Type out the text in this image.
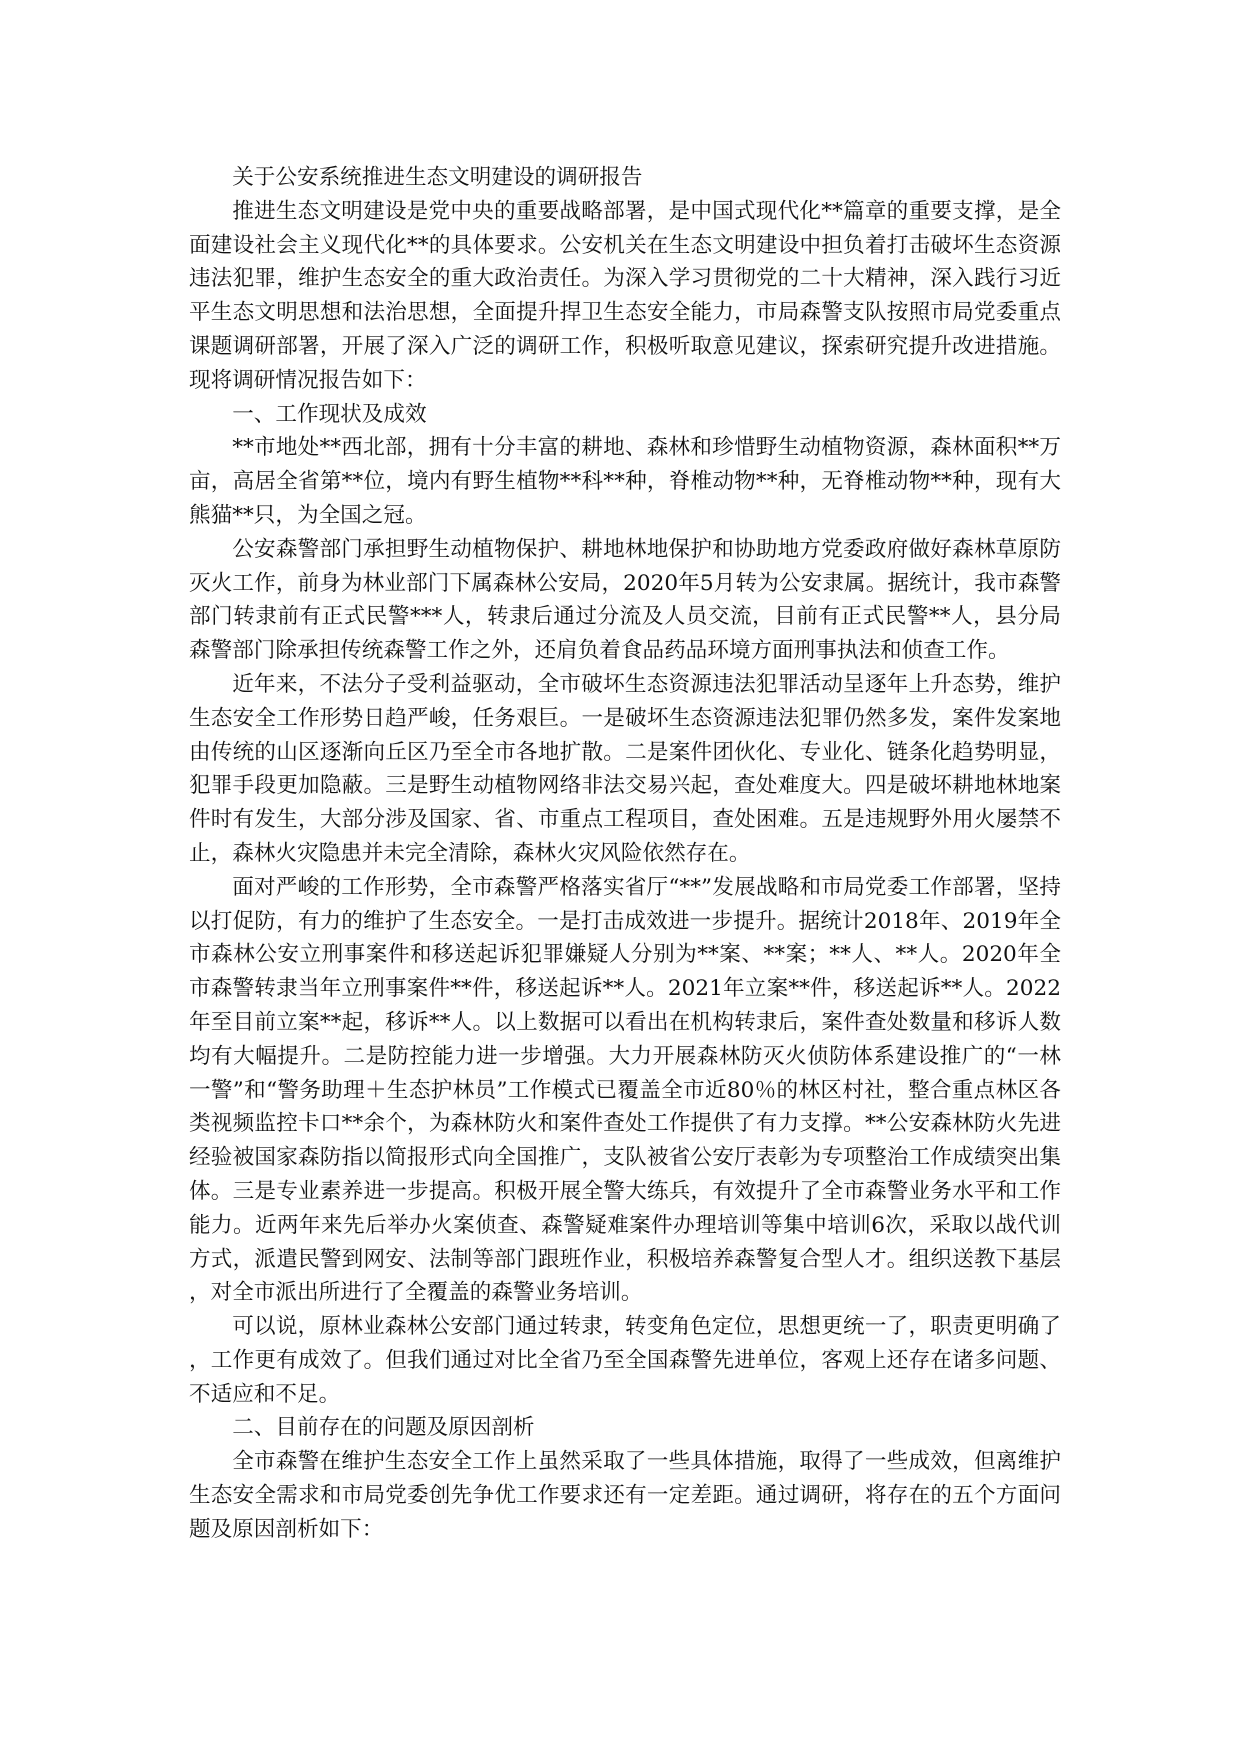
关于公安系统推进生态文明建设的调研报告

推进生态文明建设是党中央的重要战略部署，是中国式现代化**篇章的重要支撑，是全面建设社会主义现代化**的具体要求。公安机关在生态文明建设中担负着打击破坏生态资源违法犯罪，维护生态安全的重大政治责任。为深入学习贯彻党的二十大精神，深入践行习近平生态文明思想和法治思想，全面提升捍卫生态安全能力，市局森警支队按照市局党委重点课题调研部署，开展了深入广泛的调研工作，积极听取意见建议，探索研究提升改进措施。现将调研情况报告如下：

一、工作现状及成效

**市地处**西北部，拥有十分丰富的耕地、森林和珍惜野生动植物资源，森林面积**万亩，高居全省第**位，境内有野生植物**科**种，脊椎动物**种，无脊椎动物**种，现有大熊猫**只，为全国之冠。

公安森警部门承担野生动植物保护、耕地林地保护和协助地方党委政府做好森林草原防灭火工作，前身为林业部门下属森林公安局，2020年5月转为公安隶属。据统计，我市森警部门转隶前有正式民警***人，转隶后通过分流及人员交流，目前有正式民警**人，县分局森警部门除承担传统森警工作之外，还肩负着食品药品环境方面刑事执法和侦查工作。

近年来，不法分子受利益驱动，全市破坏生态资源违法犯罪活动呈逐年上升态势，维护生态安全工作形势日趋严峻，任务艰巨。一是破坏生态资源违法犯罪仍然多发，案件发案地由传统的山区逐渐向丘区乃至全市各地扩散。二是案件团伙化、专业化、链条化趋势明显，犯罪手段更加隐蔽。三是野生动植物网络非法交易兴起，查处难度大。四是破坏耕地林地案件时有发生，大部分涉及国家、省、市重点工程项目，查处困难。五是违规野外用火屡禁不止，森林火灾隐患并未完全清除，森林火灾风险依然存在。

面对严峻的工作形势，全市森警严格落实省厅“**”发展战略和市局党委工作部署，坚持以打促防，有力的维护了生态安全。一是打击成效进一步提升。据统计2018年、2019年全市森林公安立刑事案件和移送起诉犯罪嫌疑人分别为**案、**案；**人、**人。2020年全市森警转隶当年立刑事案件**件，移送起诉**人。2021年立案**件，移送起诉**人。2022年至目前立案**起，移诉**人。以上数据可以看出在机构转隶后，案件查处数量和移诉人数均有大幅提升。二是防控能力进一步增强。大力开展森林防灭火侦防体系建设推广的“一林一警”和“警务助理＋生态护林员”工作模式已覆盖全市近80％的林区村社，整合重点林区各类视频监控卡口**余个，为森林防火和案件查处工作提供了有力支撑。**公安森林防火先进经验被国家森防指以简报形式向全国推广，支队被省公安厅表彰为专项整治工作成绩突出集体。三是专业素养进一步提高。积极开展全警大练兵，有效提升了全市森警业务水平和工作能力。近两年来先后举办火案侦查、森警疑难案件办理培训等集中培训6次，采取以战代训方式，派遣民警到网安、法制等部门跟班作业，积极培养森警复合型人才。组织送教下基层，对全市派出所进行了全覆盖的森警业务培训。

可以说，原林业森林公安部门通过转隶，转变角色定位，思想更统一了，职责更明确了，工作更有成效了。但我们通过对比全省乃至全国森警先进单位，客观上还存在诸多问题、不适应和不足。

二、目前存在的问题及原因剖析

全市森警在维护生态安全工作上虽然采取了一些具体措施，取得了一些成效，但离维护生态安全需求和市局党委创先争优工作要求还有一定差距。通过调研，将存在的五个方面问题及原因剖析如下：
